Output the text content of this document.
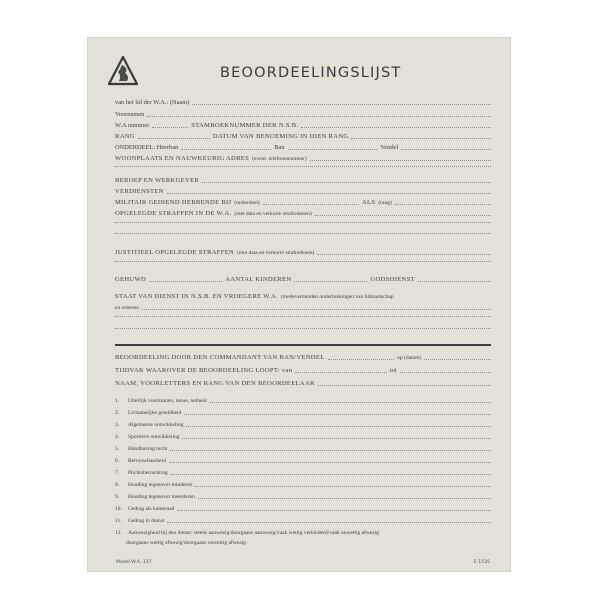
BEOORDEELINGSLIJST
van het lid der W.A.: (Naam)
Voornamen
W.A nummer	STAMBOEKNUMMER DER N.S.B.
RANG	DATUM VAN BENOEMING IN DIEN RANG
ONDERDEEL: Heerban	Ban	Vendel
WOONPLAATS EN NAUWKEURIG ADRES (event. telefoonnummer)
BEROEP EN WERKGEVER
VERDIENSTEN
MILITAIR GEDIEND HEBBENDE BIJ (onderdeel)	ALS (rang)
OPGELEGDE STRAFFEN IN DE W.A. (met data en verkorte strafredenen)
JUSTITIEEL OPGELEGDE STRAFFEN (met data en verkorte strafredenen)
GEHUWD	AANTAL KINDEREN	GODSDIENST
STAAT VAN DIENST IN N.S.B. EN VROEGERE W.A. (medevermelden onderbrekingen van lidmaatschap
en redenen
BEOORDEELING DOOR DEN COMMANDANT VAN BAN/VENDEL	op (datum)
TIJDVAK WAAROVER DE BEOORDEELING LOOPT: van	tot
NAAM, VOORLETTERS EN RANG VAN DEN BEOORDEELAAR
1.	Uiterlijk voorkomen, tenue, netheid
2.	Lichamelijke geteldheid
3.	Algemeene ontwikkeling
4.	Sportieve ontwikkeling
5.	Handhaving tucht
6.	Betrouwbaarheid
7.	Plichtsbetrachting
8.	Houding tegenover minderen
9.	Houding tegenover meerderen
10.	Gedrag als kameraad
11.	Gedrag in dienst
12.	Aanwezigheid bij den dienst: steeds aanwezig/doorgaans aanwezig/vaak wettig verhinderd/vaak onwettig afwezig
doorgaans wettig afwezig/doorgaans onwettig afwezig.
Model W.A. 137	E 1535
